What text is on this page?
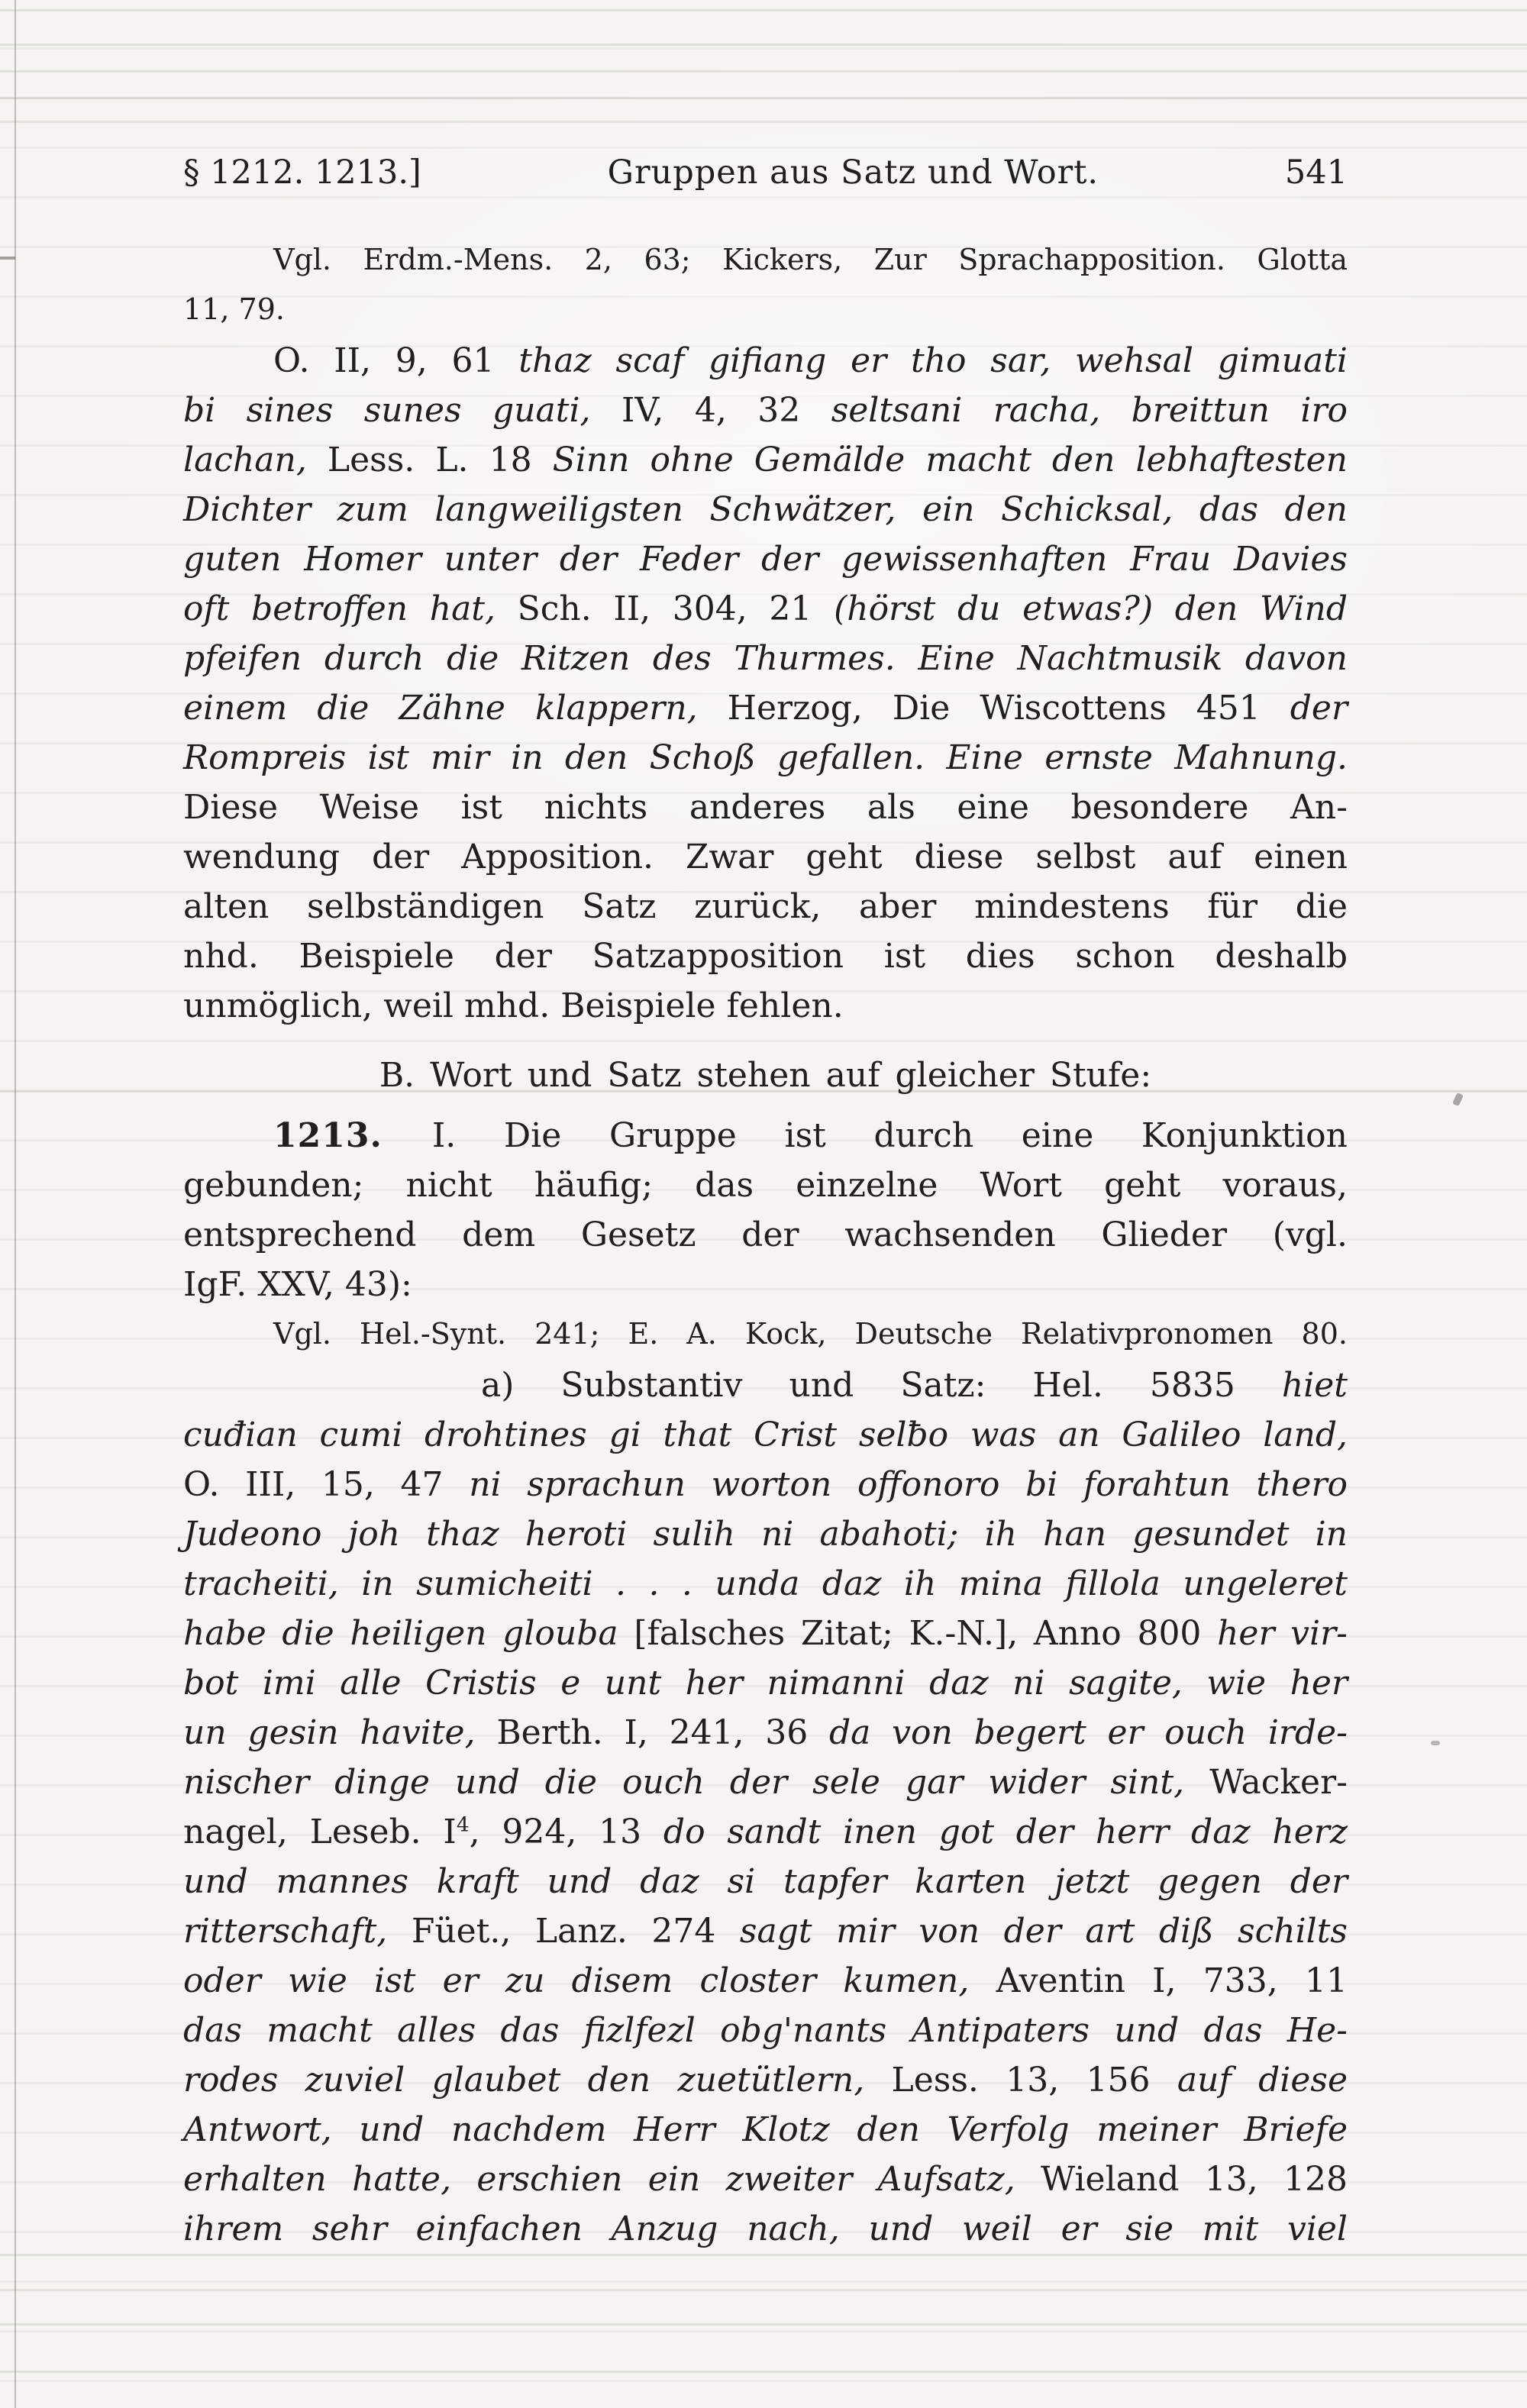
§ 1212. 1213.]	Gruppen aus Satz und Wort.	541
Vgl. Erdm.-Mens. 2, 63; Kickers, Zur Sprachapposition. Glotta
11, 79.
O. II, 9, 61 thaz scaf gifiang er tho sar, wehsal gimuati
bi sines sunes guati, IV, 4, 32 seltsani racha, breittun iro
lachan, Less. L. 18 Sinn ohne Gemälde macht den lebhaftesten
Dichter zum langweiligsten Schwätzer, ein Schicksal, das den
guten Homer unter der Feder der gewissenhaften Frau Davies
oft betroffen hat, Sch. II, 304, 21 (hörst du etwas?) den Wind
pfeifen durch die Ritzen des Thurmes. Eine Nachtmusik davon
einem die Zähne klappern, Herzog, Die Wiscottens 451 der
Rompreis ist mir in den Schoß gefallen. Eine ernste Mahnung.
Diese Weise ist nichts anderes als eine besondere An-
wendung der Apposition. Zwar geht diese selbst auf einen
alten selbständigen Satz zurück, aber mindestens für die
nhd. Beispiele der Satzapposition ist dies schon deshalb
unmöglich, weil mhd. Beispiele fehlen.
B. Wort und Satz stehen auf gleicher Stufe:
1213. I. Die Gruppe ist durch eine Konjunktion
gebunden; nicht häufig; das einzelne Wort geht voraus,
entsprechend dem Gesetz der wachsenden Glieder (vgl.
IgF. XXV, 43):
Vgl. Hel.-Synt. 241; E. A. Kock, Deutsche Relativpronomen 80.
a) Substantiv und Satz: Hel. 5835 hiet
cuđian cumi drohtines gi that Crist selƀo was an Galileo land,
O. III, 15, 47 ni sprachun worton offonoro bi forahtun thero
Judeono joh thaz heroti sulih ni abahoti; ih han gesundet in
tracheiti, in sumicheiti . . . unda daz ih mina fillola ungeleret
habe die heiligen glouba [falsches Zitat; K.-N.], Anno 800 her vir-
bot imi alle Cristis e unt her nimanni daz ni sagite, wie her
un gesin havite, Berth. I, 241, 36 da von begert er ouch irde-
nischer dinge und die ouch der sele gar wider sint, Wacker-
nagel, Leseb. $I^4$, 924, 13 do sandt inen got der herr daz herz
und mannes kraft und daz si tapfer karten jetzt gegen der
ritterschaft, Füet., Lanz. 274 sagt mir von der art diß schilts
oder wie ist er zu disem closter kumen, Aventin I, 733, 11
das macht alles das fizlfezl obg'nants Antipaters und das He-
rodes zuviel glaubet den zuetütlern, Less. 13, 156 auf diese
Antwort, und nachdem Herr Klotz den Verfolg meiner Briefe
erhalten hatte, erschien ein zweiter Aufsatz, Wieland 13, 128
ihrem sehr einfachen Anzug nach, und weil er sie mit viel
